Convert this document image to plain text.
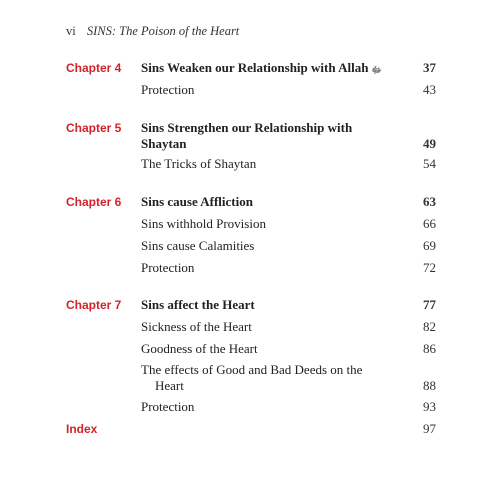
vi SINS: The Poison of the Heart
Chapter 4 Sins Weaken our Relationship with Allah ﷻ	37
Protection	43
Chapter 5 Sins Strengthen our Relationship with
Shaytan	49
The Tricks of Shaytan	54
Chapter 6 Sins cause Affliction	63
Sins withhold Provision	66
Sins cause Calamities	69
Protection	72
Chapter 7 Sins affect the Heart	77
Sickness of the Heart	82
Goodness of the Heart	86
The effects of Good and Bad Deeds on the
Heart	88
Protection	93
Index	97
